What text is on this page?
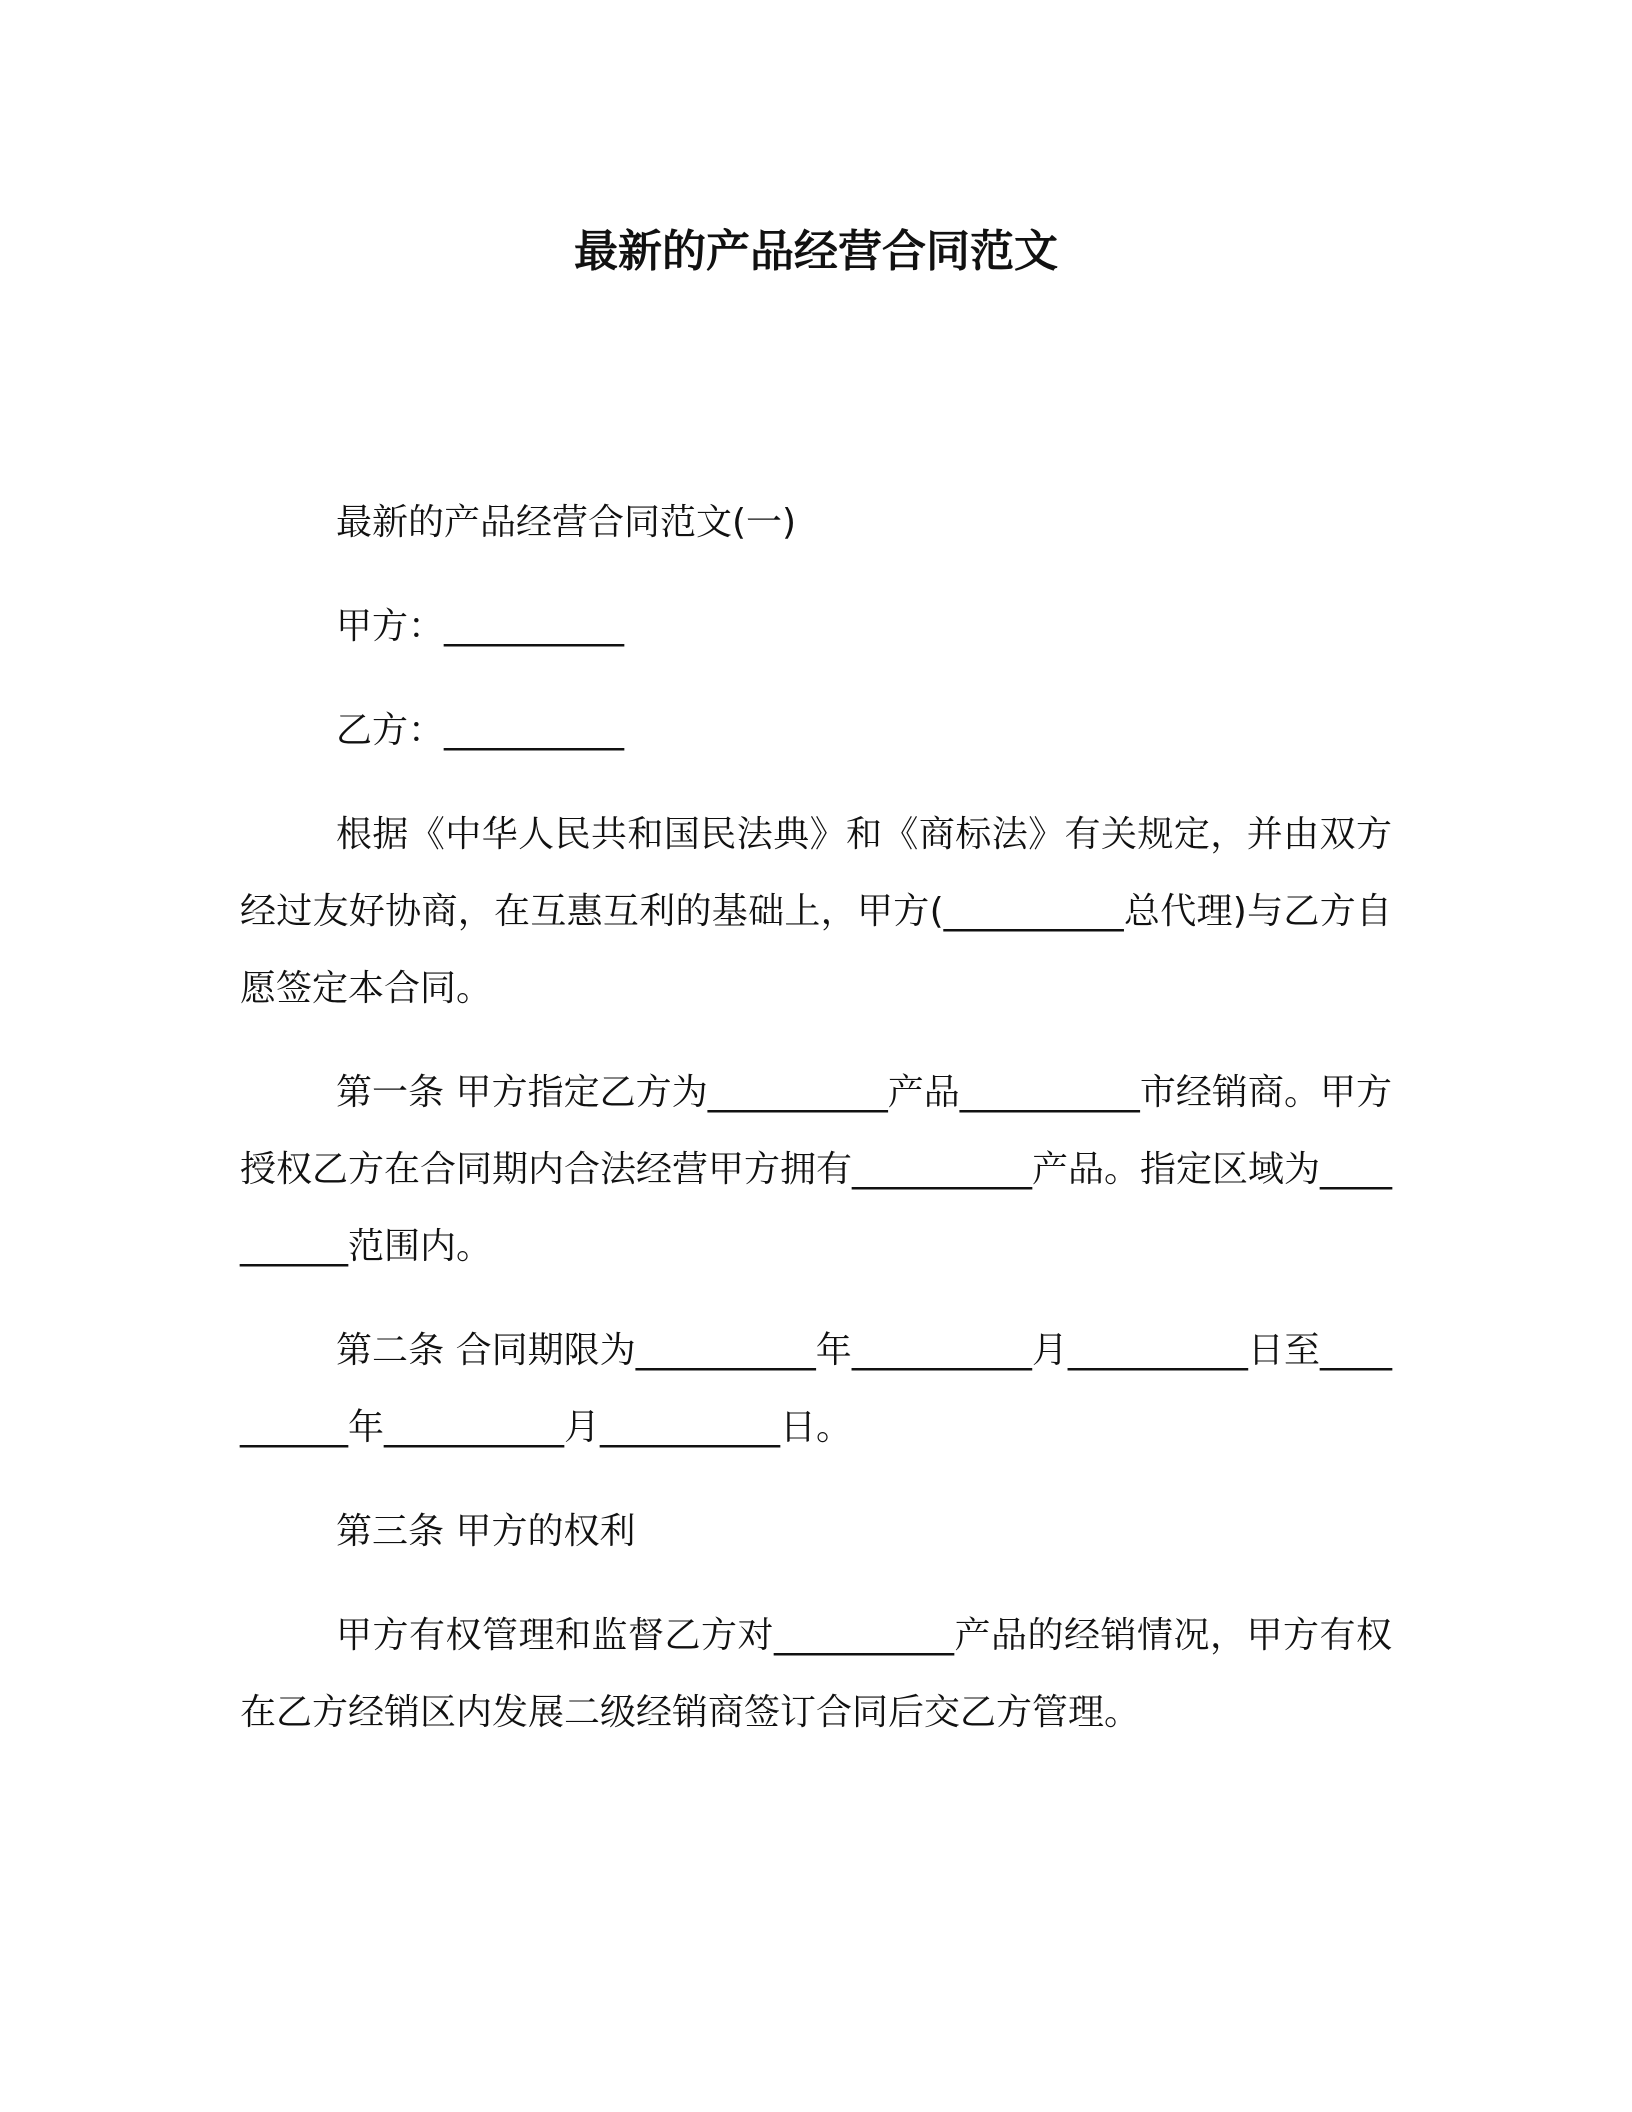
最新的产品经营合同范文

最新的产品经营合同范文(一)

甲方：__________

乙方：__________

根据《中华人民共和国民法典》和《商标法》有关规定，并由双方经过友好协商，在互惠互利的基础上，甲方(__________总代理)与乙方自愿签定本合同。

第一条 甲方指定乙方为__________产品__________市经销商。甲方授权乙方在合同期内合法经营甲方拥有__________产品。指定区域为__________范围内。

第二条 合同期限为__________年__________月__________日至__________年__________月__________日。

第三条 甲方的权利

甲方有权管理和监督乙方对__________产品的经销情况，甲方有权在乙方经销区内发展二级经销商签订合同后交乙方管理。
